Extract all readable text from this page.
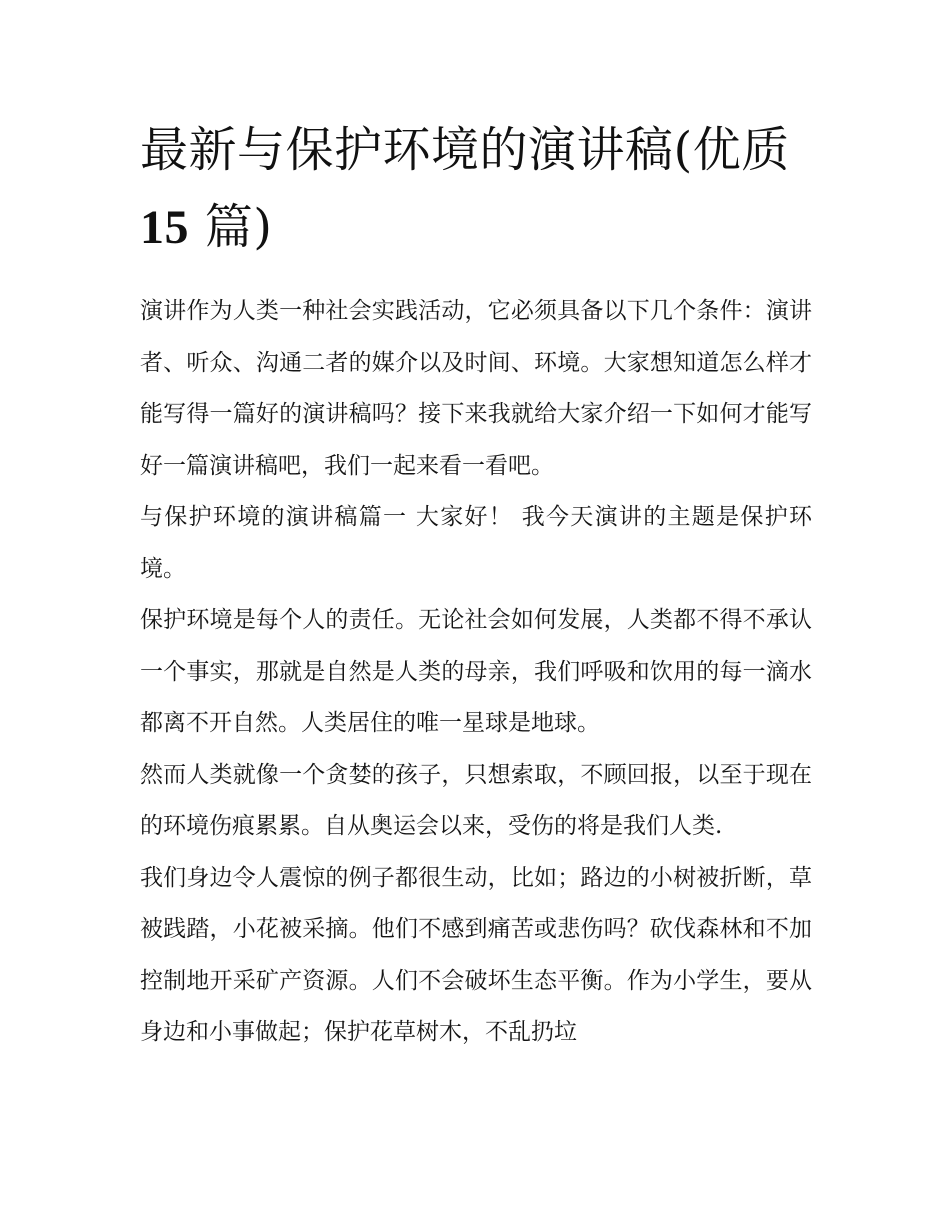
最新与保护环境的演讲稿(优质
15 篇)

演讲作为人类一种社会实践活动，它必须具备以下几个条件：演讲者、听众、沟通二者的媒介以及时间、环境。大家想知道怎么样才能写得一篇好的演讲稿吗？接下来我就给大家介绍一下如何才能写好一篇演讲稿吧，我们一起来看一看吧。

与保护环境的演讲稿篇一 大家好！ 我今天演讲的主题是保护环境。

保护环境是每个人的责任。无论社会如何发展，人类都不得不承认一个事实，那就是自然是人类的母亲，我们呼吸和饮用的每一滴水都离不开自然。人类居住的唯一星球是地球。

然而人类就像一个贪婪的孩子，只想索取，不顾回报，以至于现在的环境伤痕累累。自从奥运会以来，受伤的将是我们人类.

我们身边令人震惊的例子都很生动，比如；路边的小树被折断，草被践踏，小花被采摘。他们不感到痛苦或悲伤吗？砍伐森林和不加控制地开采矿产资源。人们不会破坏生态平衡。作为小学生，要从身边和小事做起；保护花草树木，不乱扔垃
